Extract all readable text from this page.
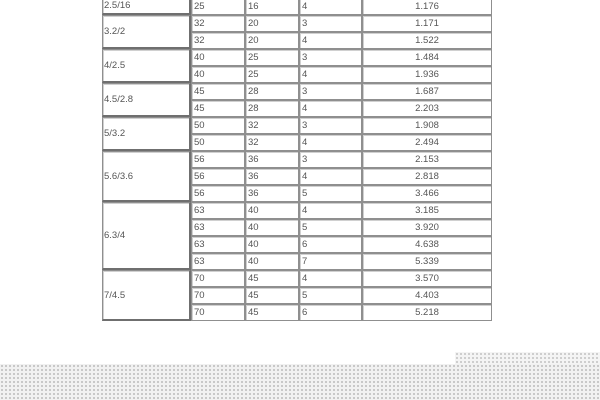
2.5/16	25	16	4	1.176
3.2/2	32	20	3	1.171
	32	20	4	1.522
4/2.5	40	25	3	1.484
	40	25	4	1.936
4.5/2.8	45	28	3	1.687
	45	28	4	2.203
5/3.2	50	32	3	1.908
	50	32	4	2.494
5.6/3.6	56	36	3	2.153
	56	36	4	2.818
	56	36	5	3.466
6.3/4	63	40	4	3.185
	63	40	5	3.920
	63	40	6	4.638
	63	40	7	5.339
7/4.5	70	45	4	3.570
	70	45	5	4.403
	70	45	6	5.218
